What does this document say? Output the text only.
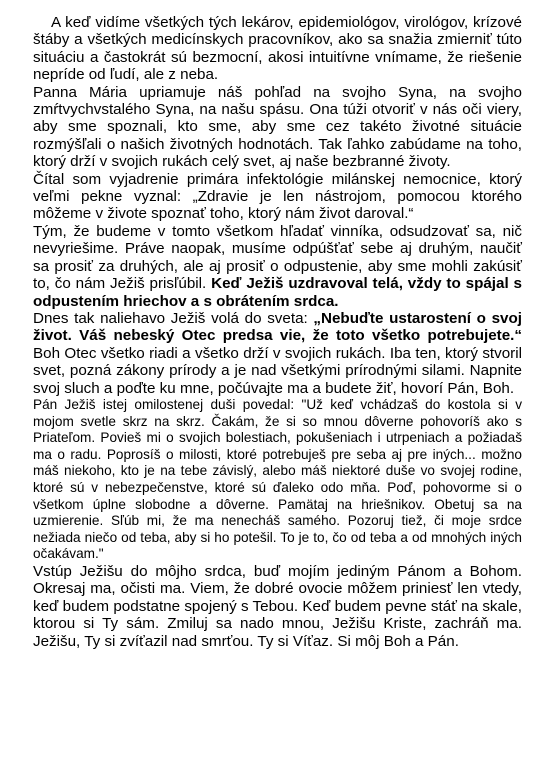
A keď vidíme všetkých tých lekárov, epidemiológov, virológov, krízové štáby a všetkých medicínskych pracovníkov, ako sa snažia zmierniť túto situáciu a častokrát sú bezmocní, akosi intuitívne vnímame, že riešenie nepríde od ľudí, ale z neba.

Panna Mária upriamuje náš pohľad na svojho Syna, na svojho zmŕtvychvstalého Syna, na našu spásu. Ona túži otvoriť v nás oči viery, aby sme spoznali, kto sme, aby sme cez takéto životné situácie rozmýšľali o našich životných hodnotách. Tak ľahko zabúdame na toho, ktorý drží v svojich rukách celý svet, aj naše bezbranné životy.

Čítal som vyjadrenie primára infektológie milánskej nemocnice, ktorý veľmi pekne vyznal: „Zdravie je len nástrojom, pomocou ktorého môžeme v živote spoznať toho, ktorý nám život daroval.“

Tým, že budeme v tomto všetkom hľadať vinníka, odsudzovať sa, nič nevyriešime. Práve naopak, musíme odpúšťať sebe aj druhým, naučiť sa prosiť za druhých, ale aj prosiť o odpustenie, aby sme mohli zakúsiť to, čo nám Ježiš prisľúbil. Keď Ježiš uzdravoval telá, vždy to spájal s odpustením hriechov a s obrátením srdca.

Dnes tak naliehavo Ježiš volá do sveta: „Nebuďte ustarostení o svoj život. Váš nebeský Otec predsa vie, že toto všetko potrebujete.“ Boh Otec všetko riadi a všetko drží v svojich rukách. Iba ten, ktorý stvoril svet, pozná zákony prírody a je nad všetkými prírodnými silami. Napnite svoj sluch a poďte ku mne, počúvajte ma a budete žiť, hovorí Pán, Boh.

Pán Ježiš istej omilostenej duši povedal: "Už keď vchádzaš do kostola si v mojom svetle skrz na skrz. Čakám, že si so mnou dôverne pohovoríš ako s Priateľom. Povieš mi o svojich bolestiach, pokušeniach i utrpeniach a požiadaš ma o radu. Poprosíš o milosti, ktoré potrebuješ pre seba aj pre iných... možno máš niekoho, kto je na tebe závislý, alebo máš niektoré duše vo svojej rodine, ktoré sú v nebezpečenstve, ktoré sú ďaleko odo mňa. Poď, pohovorme si o všetkom úplne slobodne a dôverne. Pamätaj na hriešnikov. Obetuj sa na uzmierenie. Sľúb mi, že ma nenecháš samého. Pozoruj tiež, či moje srdce nežiada niečo od teba, aby si ho potešil. To je to, čo od teba a od mnohých iných očakávam."

Vstúp Ježišu do môjho srdca, buď mojím jediným Pánom a Bohom. Okresaj ma, očisti ma. Viem, že dobré ovocie môžem priniesť len vtedy, keď budem podstatne spojený s Tebou. Keď budem pevne stáť na skale, ktorou si Ty sám. Zmiluj sa nado mnou, Ježišu Kriste, zachráň ma. Ježišu, Ty si zvíťazil nad smrťou. Ty si Víťaz. Si môj Boh a Pán.
